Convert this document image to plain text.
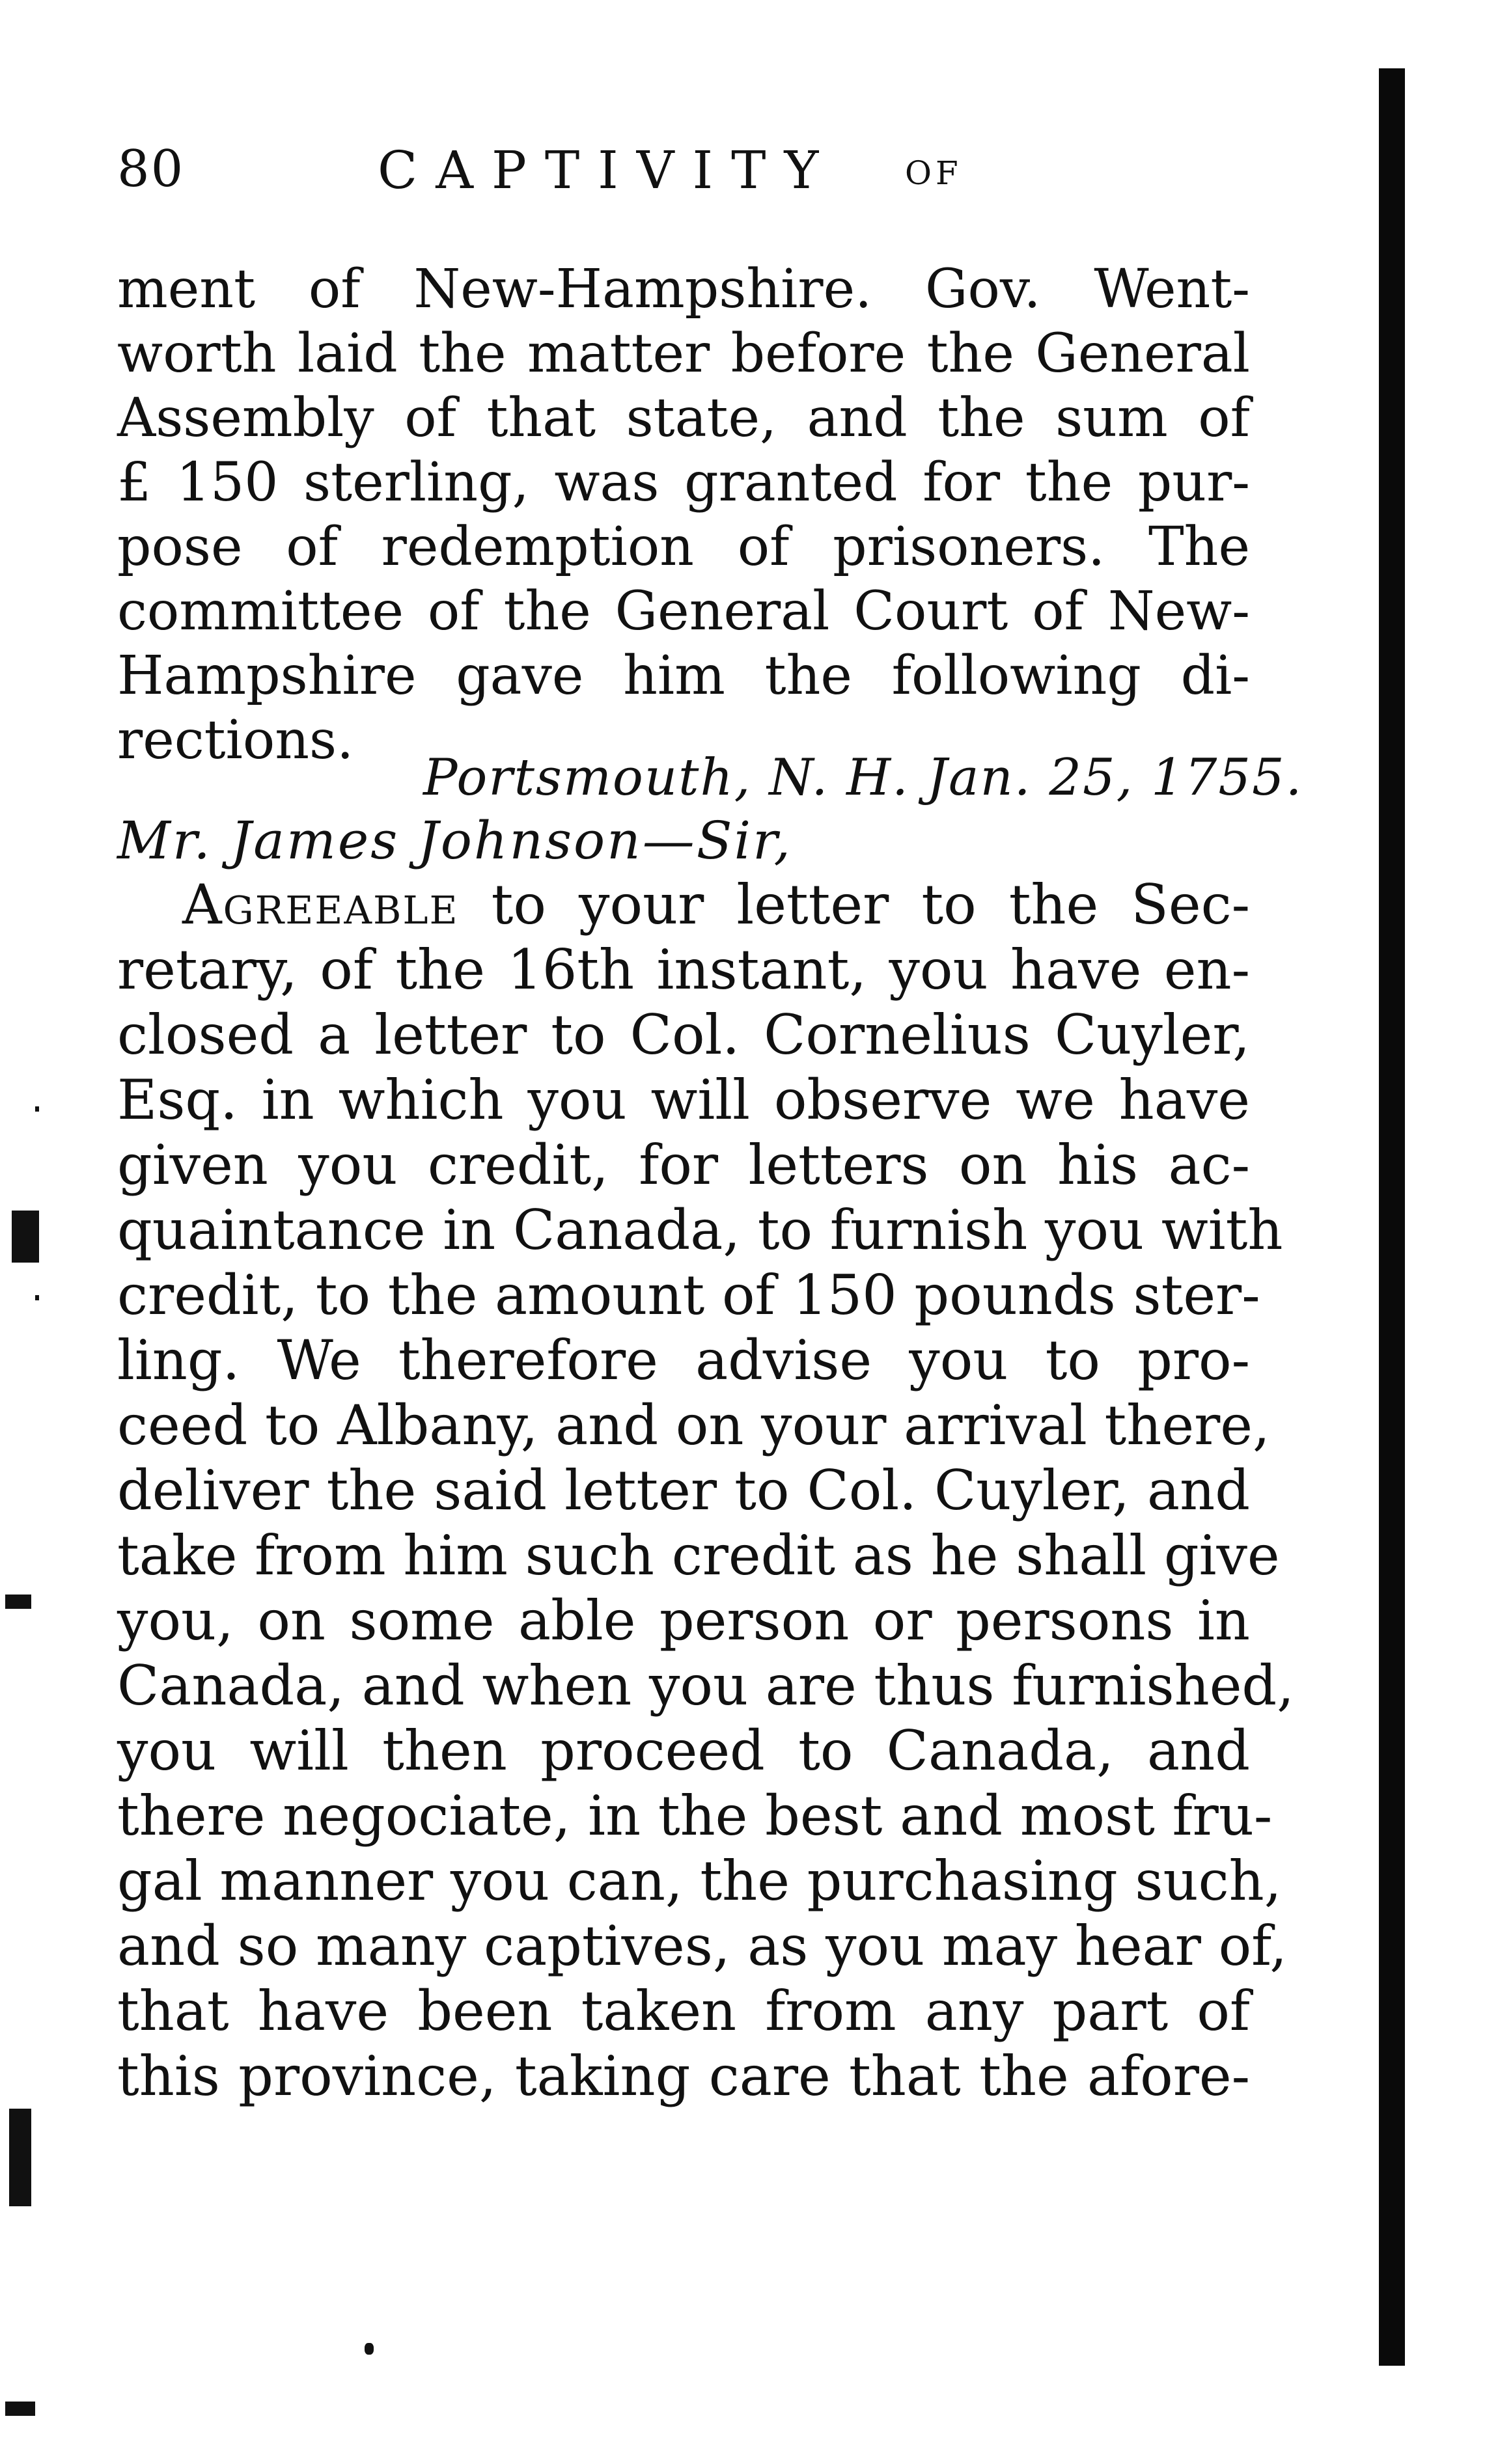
80	CAPTIVITY OF
ment of New-Hampshire. Gov. Went-
worth laid the matter before the General
Assembly of that state, and the sum of
£ 150 sterling, was granted for the pur-
pose of redemption of prisoners. The
committee of the General Court of New-
Hampshire gave him the following di-
rections.
Portsmouth, N. H. Jan. 25, 1755.
Mr. James Johnson—Sir,
Agreeable to your letter to the Sec-
retary, of the 16th instant, you have en-
closed a letter to Col. Cornelius Cuyler,
Esq. in which you will observe we have
given you credit, for letters on his ac-
quaintance in Canada, to furnish you with
credit, to the amount of 150 pounds ster-
ling. We therefore advise you to pro-
ceed to Albany, and on your arrival there,
deliver the said letter to Col. Cuyler, and
take from him such credit as he shall give
you, on some able person or persons in
Canada, and when you are thus furnished,
you will then proceed to Canada, and
there negociate, in the best and most fru-
gal manner you can, the purchasing such,
and so many captives, as you may hear of,
that have been taken from any part of
this province, taking care that the afore-
